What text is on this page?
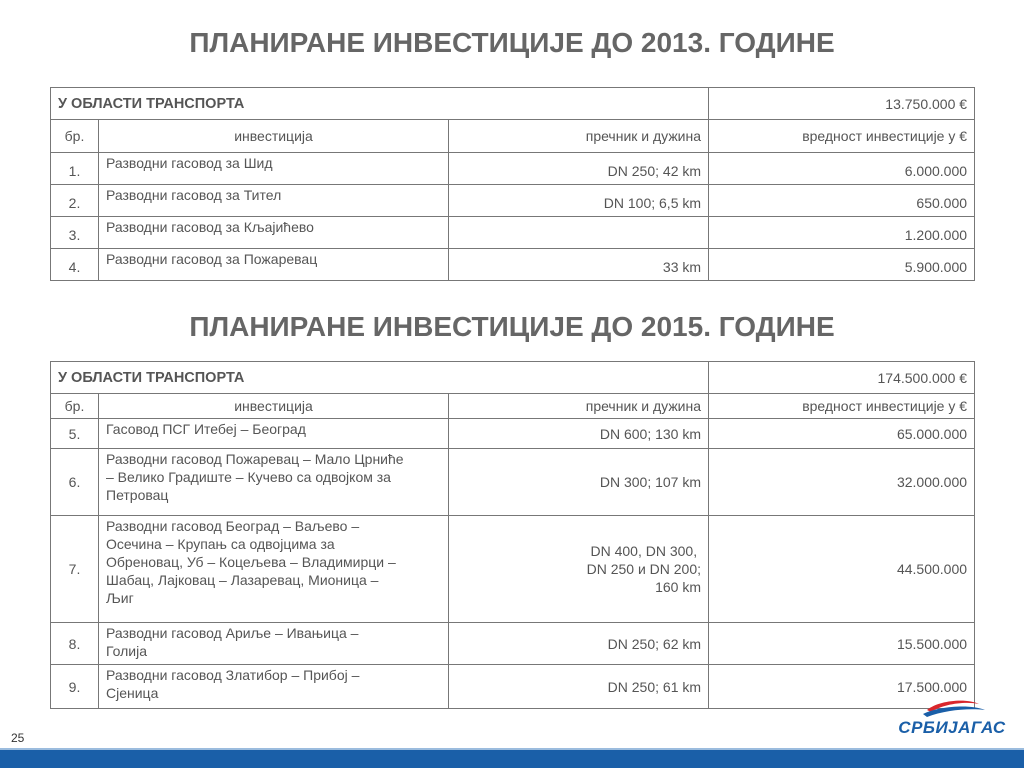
ПЛАНИРАНЕ ИНВЕСТИЦИЈЕ ДО 2013. ГОДИНЕ
У ОБЛАСТИ ТРАНСПОРТА			13.750.000 €
бр.	инвестиција	пречник и дужина	вредност инвестиције у €
1.	Разводни гасовод за Шид	DN 250; 42 km	6.000.000
2.	Разводни гасовод за Тител	DN 100; 6,5 km	650.000
3.	Разводни гасовод за Кљајићево		1.200.000
4.	Разводни гасовод за Пожаревац	33 km	5.900.000
ПЛАНИРАНЕ ИНВЕСТИЦИЈЕ ДО 2015. ГОДИНЕ
У ОБЛАСТИ ТРАНСПОРТА			174.500.000 €
бр.	инвестиција	пречник и дужина	вредност инвестиције у €
5.	Гасовод ПСГ Итебеј – Београд	DN 600; 130 km	65.000.000
6.	Разводни гасовод Пожаревац – Мало Црниће
– Велико Градиште – Кучево са одвојком за
Петровац	DN 300; 107 km	32.000.000
7.	Разводни гасовод Београд – Ваљево –
Осечина – Крупањ са одвојцима за
Обреновац, Уб – Коцељева – Владимирци –
Шабац, Лајковац – Лазаревац, Мионица –
Љиг	DN 400, DN 300,
DN 250 и DN 200;

160 km	44.500.000
8.	Разводни гасовод Ариље – Ивањица –
Голија	DN 250; 62 km	15.500.000
9.	Разводни гасовод Златибор – Прибој –
Сјеница	DN 250; 61 km	17.500.000
25
СРБИЈАГАС
